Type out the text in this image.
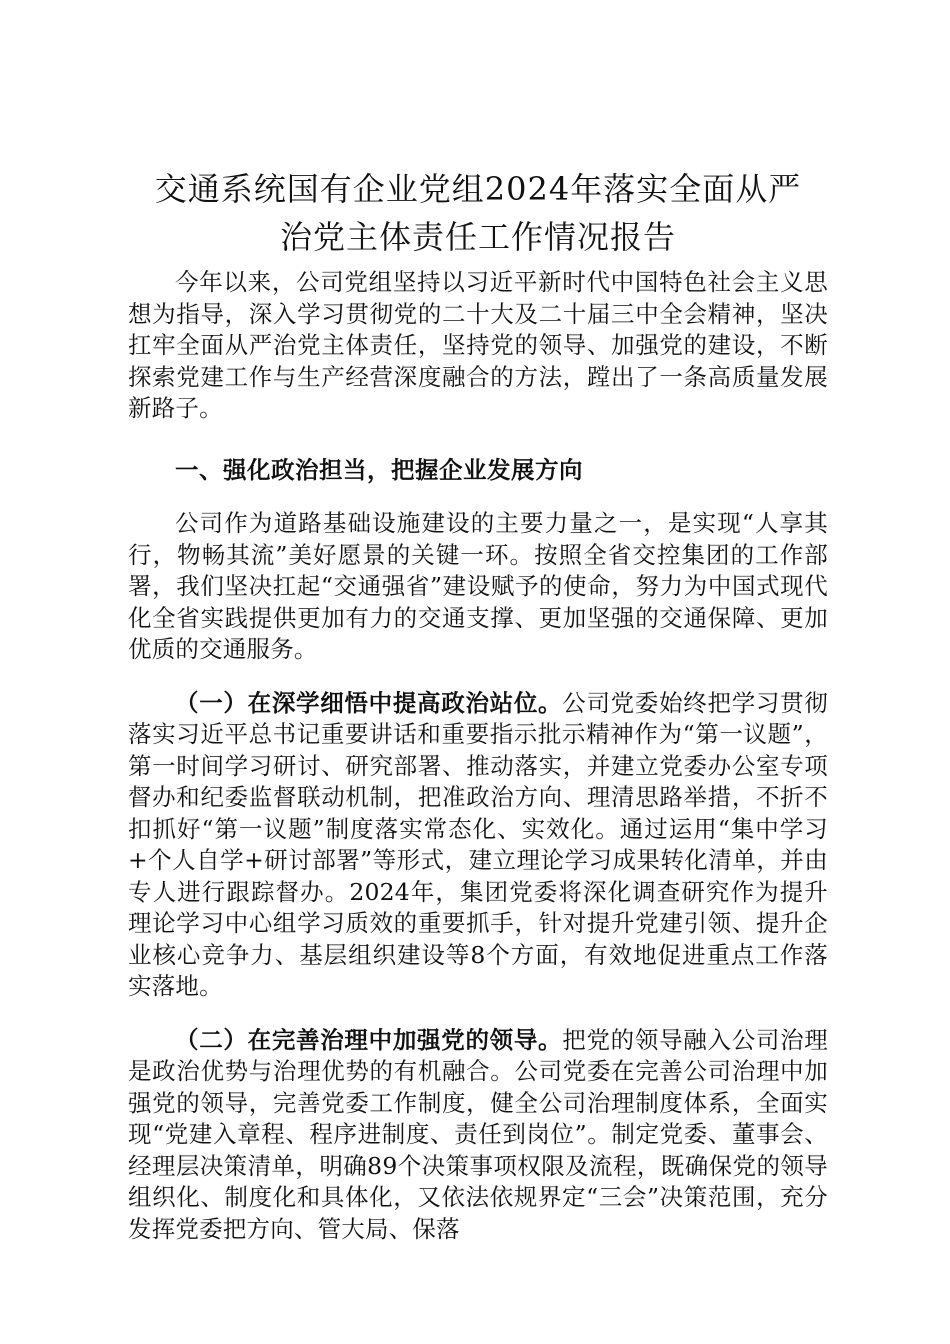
交通系统国有企业党组2024年落实全面从严
治党主体责任工作情况报告

今年以来，公司党组坚持以习近平新时代中国特色社会主义思想为指导，深入学习贯彻党的二十大及二十届三中全会精神，坚决扛牢全面从严治党主体责任，坚持党的领导、加强党的建设，不断探索党建工作与生产经营深度融合的方法，蹚出了一条高质量发展新路子。

一、强化政治担当，把握企业发展方向

公司作为道路基础设施建设的主要力量之一，是实现“人享其行，物畅其流”美好愿景的关键一环。按照全省交控集团的工作部署，我们坚决扛起“交通强省”建设赋予的使命，努力为中国式现代化全省实践提供更加有力的交通支撑、更加坚强的交通保障、更加优质的交通服务。

（一）在深学细悟中提高政治站位。公司党委始终把学习贯彻落实习近平总书记重要讲话和重要指示批示精神作为“第一议题”，第一时间学习研讨、研究部署、推动落实，并建立党委办公室专项督办和纪委监督联动机制，把准政治方向、理清思路举措，不折不扣抓好“第一议题”制度落实常态化、实效化。通过运用“集中学习+个人自学+研讨部署”等形式，建立理论学习成果转化清单，并由专人进行跟踪督办。2024年，集团党委将深化调查研究作为提升理论学习中心组学习质效的重要抓手，针对提升党建引领、提升企业核心竞争力、基层组织建设等8个方面，有效地促进重点工作落实落地。

（二）在完善治理中加强党的领导。把党的领导融入公司治理是政治优势与治理优势的有机融合。公司党委在完善公司治理中加强党的领导，完善党委工作制度，健全公司治理制度体系，全面实现“党建入章程、程序进制度、责任到岗位”。制定党委、董事会、经理层决策清单，明确89个决策事项权限及流程，既确保党的领导组织化、制度化和具体化，又依法依规界定“三会”决策范围，充分发挥党委把方向、管大局、保落
